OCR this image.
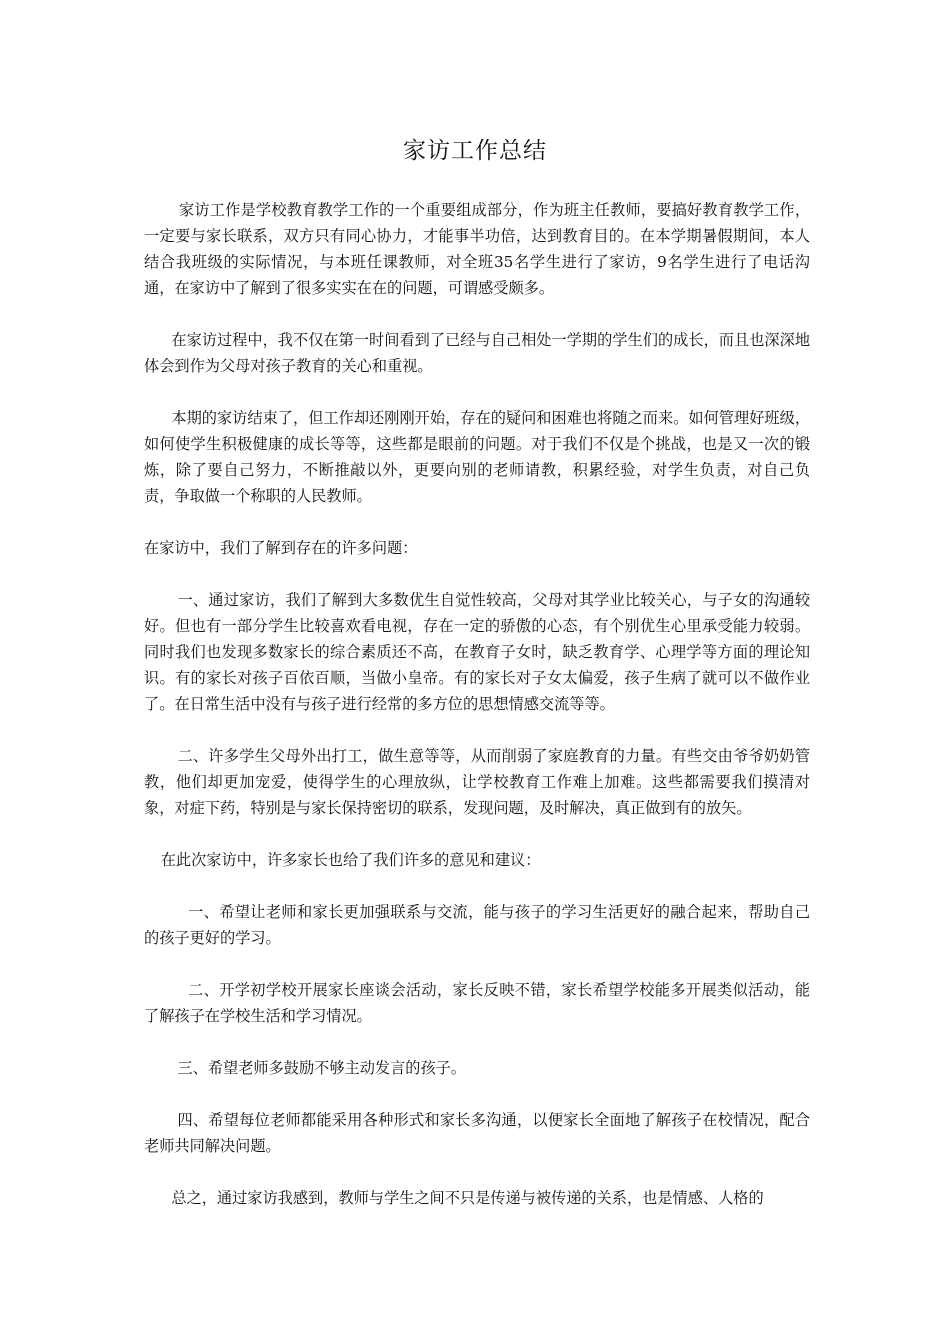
家访工作总结

家访工作是学校教育教学工作的一个重要组成部分，作为班主任教师，要搞好教育教学工作，一定要与家长联系，双方只有同心协力，才能事半功倍，达到教育目的。在本学期暑假期间，本人结合我班级的实际情况，与本班任课教师，对全班35名学生进行了家访，9名学生进行了电话沟通，在家访中了解到了很多实实在在的问题，可谓感受颇多。

在家访过程中，我不仅在第一时间看到了已经与自己相处一学期的学生们的成长，而且也深深地体会到作为父母对孩子教育的关心和重视。

本期的家访结束了，但工作却还刚刚开始，存在的疑问和困难也将随之而来。如何管理好班级，如何使学生积极健康的成长等等，这些都是眼前的问题。对于我们不仅是个挑战，也是又一次的锻炼，除了要自己努力，不断推敲以外，更要向别的老师请教，积累经验，对学生负责，对自己负责，争取做一个称职的人民教师。

在家访中，我们了解到存在的许多问题：

一、通过家访，我们了解到大多数优生自觉性较高，父母对其学业比较关心，与子女的沟通较好。但也有一部分学生比较喜欢看电视，存在一定的骄傲的心态，有个别优生心里承受能力较弱。同时我们也发现多数家长的综合素质还不高，在教育子女时，缺乏教育学、心理学等方面的理论知识。有的家长对孩子百依百顺，当做小皇帝。有的家长对子女太偏爱，孩子生病了就可以不做作业了。在日常生活中没有与孩子进行经常的多方位的思想情感交流等等。

二、许多学生父母外出打工，做生意等等，从而削弱了家庭教育的力量。有些交由爷爷奶奶管教，他们却更加宠爱，使得学生的心理放纵，让学校教育工作难上加难。这些都需要我们摸清对象，对症下药，特别是与家长保持密切的联系，发现问题，及时解决，真正做到有的放矢。

在此次家访中，许多家长也给了我们许多的意见和建议：

一、希望让老师和家长更加强联系与交流，能与孩子的学习生活更好的融合起来，帮助自己的孩子更好的学习。

二、开学初学校开展家长座谈会活动，家长反映不错，家长希望学校能多开展类似活动，能了解孩子在学校生活和学习情况。

三、希望老师多鼓励不够主动发言的孩子。

四、希望每位老师都能采用各种形式和家长多沟通，以便家长全面地了解孩子在校情况，配合老师共同解决问题。

总之，通过家访我感到，教师与学生之间不只是传递与被传递的关系，也是情感、人格的
